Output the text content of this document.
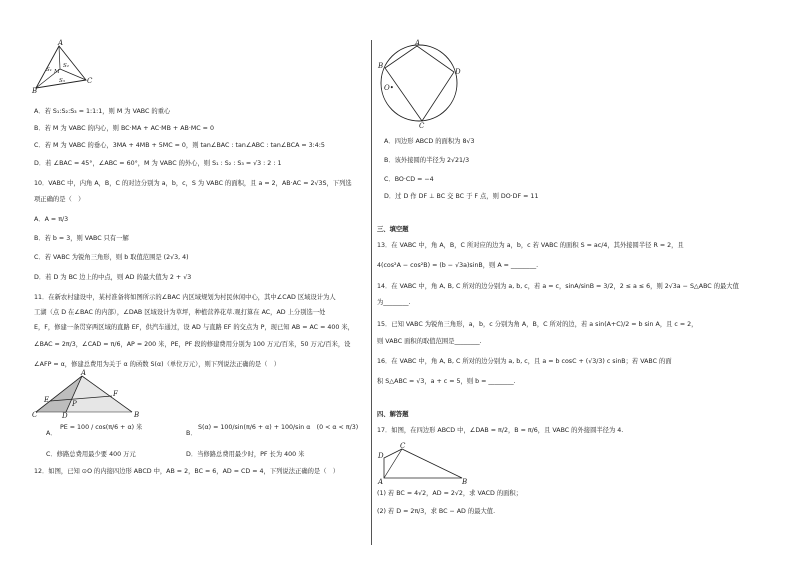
A
B
C
M
S₁
S₂
S₃
A．若 S₁:S₂:S₃ = 1:1:1，则 M 为 VABC 的重心
B．若 M 为 VABC 的内心，则 BC·MA + AC·MB + AB·MC = 0
C．若 M 为 VABC 的垂心，3MA + 4MB + 5MC = 0，则 tan∠BAC : tan∠ABC : tan∠BCA = 3:4:5
D．若 ∠BAC = 45°，∠ABC = 60°，M 为 VABC 的外心，则 S₁ : S₂ : S₃ = √3 : 2 : 1
10．VABC 中，内角 A，B，C 的对边分别为 a，b，c，S 为 VABC 的面积，且 a = 2，AB·AC = 2√3S，下列选
项正确的是（　）
A．A = π/3
B．若 b = 3，则 VABC 只有一解
C．若 VABC 为锐角三角形，则 b 取值范围是 (2√3, 4)
D．若 D 为 BC 边上的中点，则 AD 的最大值为 2 + √3
11．在新农村建设中，某村准备将如图所示的∠BAC 内区域规划为村民休闲中心，其中∠CAD 区域设计为人
工湖（点 D 在∠BAC 的内部），∠DAB 区域设计为草坪，种植营养花草.观打算在 AC，AD 上分别选一处
E，F，修建一条贯穿两区域的直路 EF，供汽车通过，设 AD 与直路 EF 的交点为 P，现已知 AB = AC = 400 米，
∠BAC = 2π/3，∠CAD = π/6，AP = 200 米，PE，PF 段的修建费用分别为 100 万元/百米，50 万元/百米，设
∠AFP = α，修建总费用为关于 α 的函数 S(α)（单位万元），则下列说法正确的是（　）
A
C	B
D
E
F
P
A．
PE = 100 / cos(π/6 + α) 米
B．
S(α) = 100/sin(π/6 + α) + 100/sin α　(0 < α < π/3)
C．修路总费用最少要 400 万元	D．当修路总费用最少时，PF 长为 400 米
12．如图，已知 ⊙O 的内接四边形 ABCD 中，AB = 2，BC = 6，AD = CD = 4，下列说法正确的是（　）
A
B
D
C
O•
A．四边形 ABCD 的面积为 8√3
B．该外接圆的半径为 2√21/3
C．BO·CD = −4
D．过 D 作 DF ⊥ BC 交 BC 于 F 点，则 DO·DF = 11
三、填空题
13．在 VABC 中，角 A，B，C 所对应的边为 a，b，c 若 VABC 的面积 S = ac/4，其外接圆半径 R = 2，且
4(cos²A − cos²B) = (b − √3a)sinB，则 A = ________.
14．在 VABC 中，角 A, B, C 所对的边分别为 a, b, c，若 a = c，sinA/sinB = 3/2，2 ≤ a ≤ 6，则 2√3a − S△ABC 的最大值
为________.
15．已知 VABC 为锐角三角形，a，b，c 分别为角 A，B，C 所对的边，若 a sin(A+C)/2 = b sin A，且 c = 2，
则 VABC 面积的取值范围是________.
16．在 VABC 中，角 A, B, C 所对的边分别为 a, b, c，且 a = b cosC + (√3/3) c sinB；若 VABC 的面
积 S△ABC = √3，a + c = 5，则 b = ________.
四、解答题
17．如图，在四边形 ABCD 中，∠DAB = π/2，B = π/6，且 VABC 的外接圆半径为 4.
D
C
A	B
(1) 若 BC = 4√2，AD = 2√2，求 VACD 的面积；
(2) 若 D = 2π/3，求 BC − AD 的最大值.
